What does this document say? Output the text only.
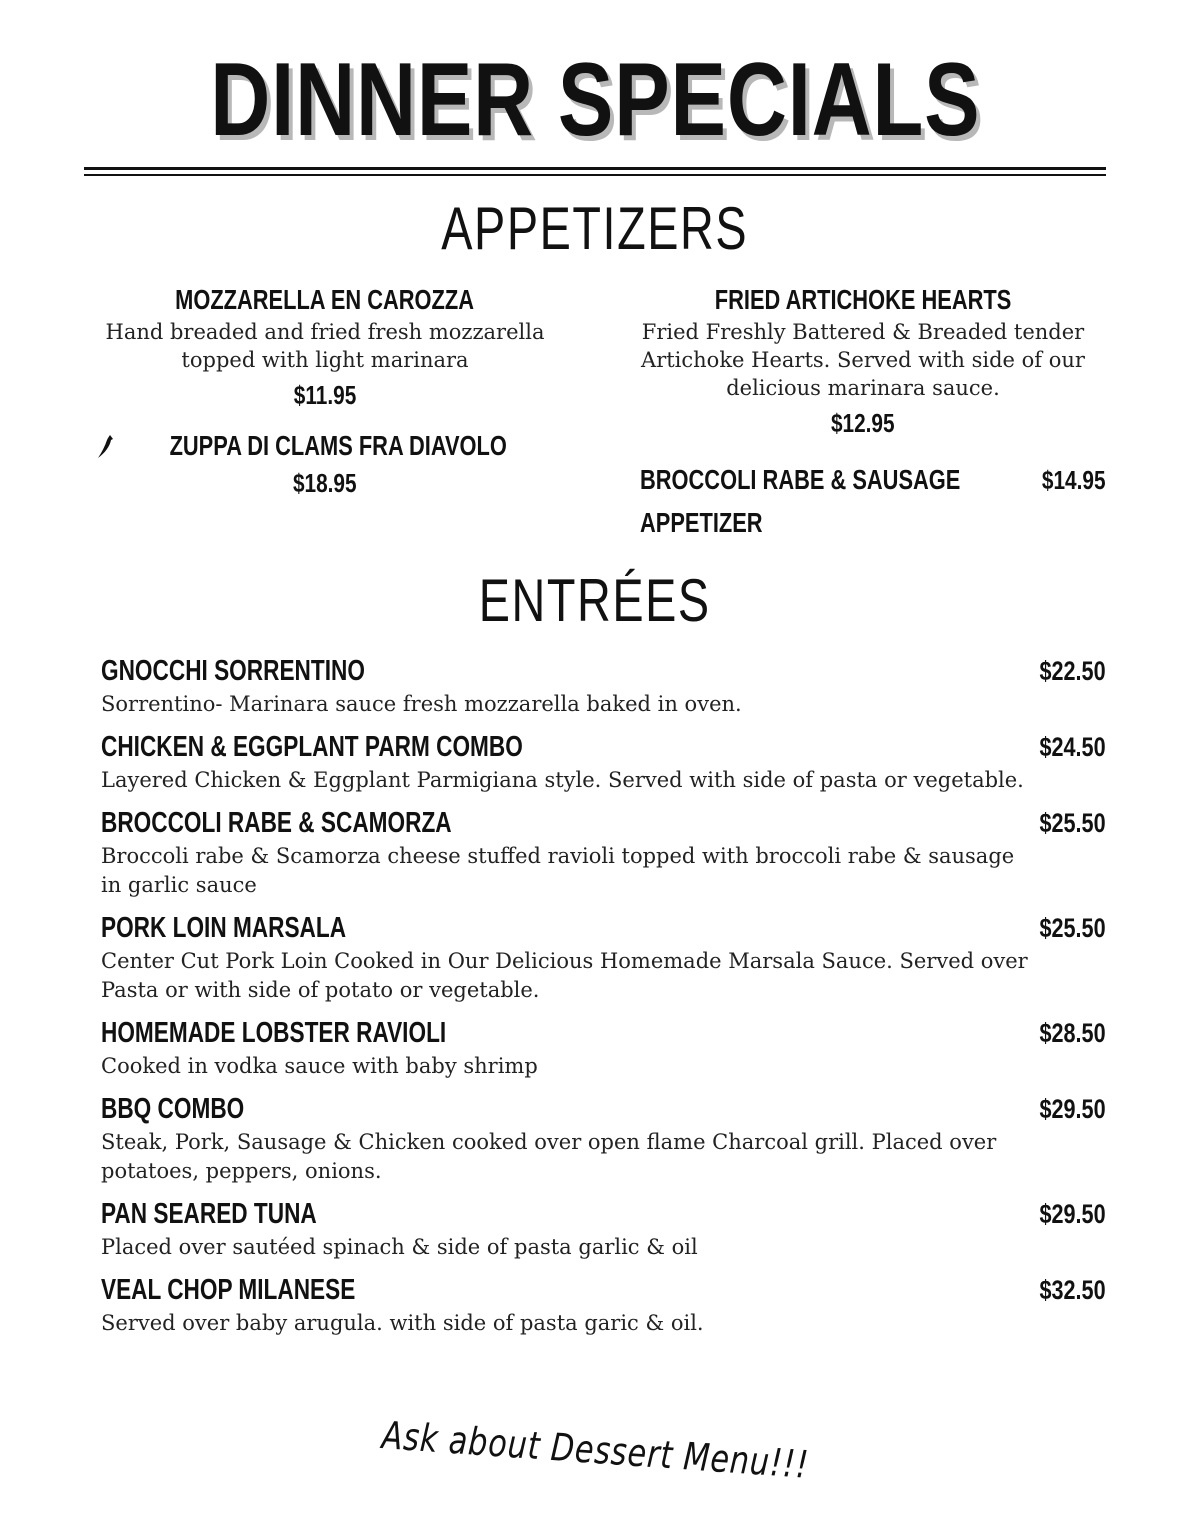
DINNER SPECIALS
APPETIZERS
MOZZARELLA EN CAROZZA
Hand breaded and fried fresh mozzarella
topped with light marinara
$11.95
ZUPPA DI CLAMS FRA DIAVOLO
$18.95
FRIED ARTICHOKE HEARTS
Fried Freshly Battered & Breaded tender
Artichoke Hearts. Served with side of our
delicious marinara sauce.
$12.95
BROCCOLI RABE & SAUSAGE
APPETIZER
$14.95
ENTRÉES
GNOCCHI SORRENTINO	$22.50
Sorrentino- Marinara sauce fresh mozzarella baked in oven.
CHICKEN & EGGPLANT PARM COMBO	$24.50
Layered Chicken & Eggplant Parmigiana style. Served with side of pasta or vegetable.
BROCCOLI RABE & SCAMORZA	$25.50
Broccoli rabe & Scamorza cheese stuffed ravioli topped with broccoli rabe & sausage in garlic sauce
PORK LOIN MARSALA	$25.50
Center Cut Pork Loin Cooked in Our Delicious Homemade Marsala Sauce. Served over Pasta or with side of potato or vegetable.
HOMEMADE LOBSTER RAVIOLI	$28.50
Cooked in vodka sauce with baby shrimp
BBQ COMBO	$29.50
Steak, Pork, Sausage & Chicken cooked over open flame Charcoal grill. Placed over potatoes, peppers, onions.
PAN SEARED TUNA	$29.50
Placed over sautéed spinach & side of pasta garlic & oil
VEAL CHOP MILANESE	$32.50
Served over baby arugula. with side of pasta garic & oil.
Ask about Dessert Menu!!!
